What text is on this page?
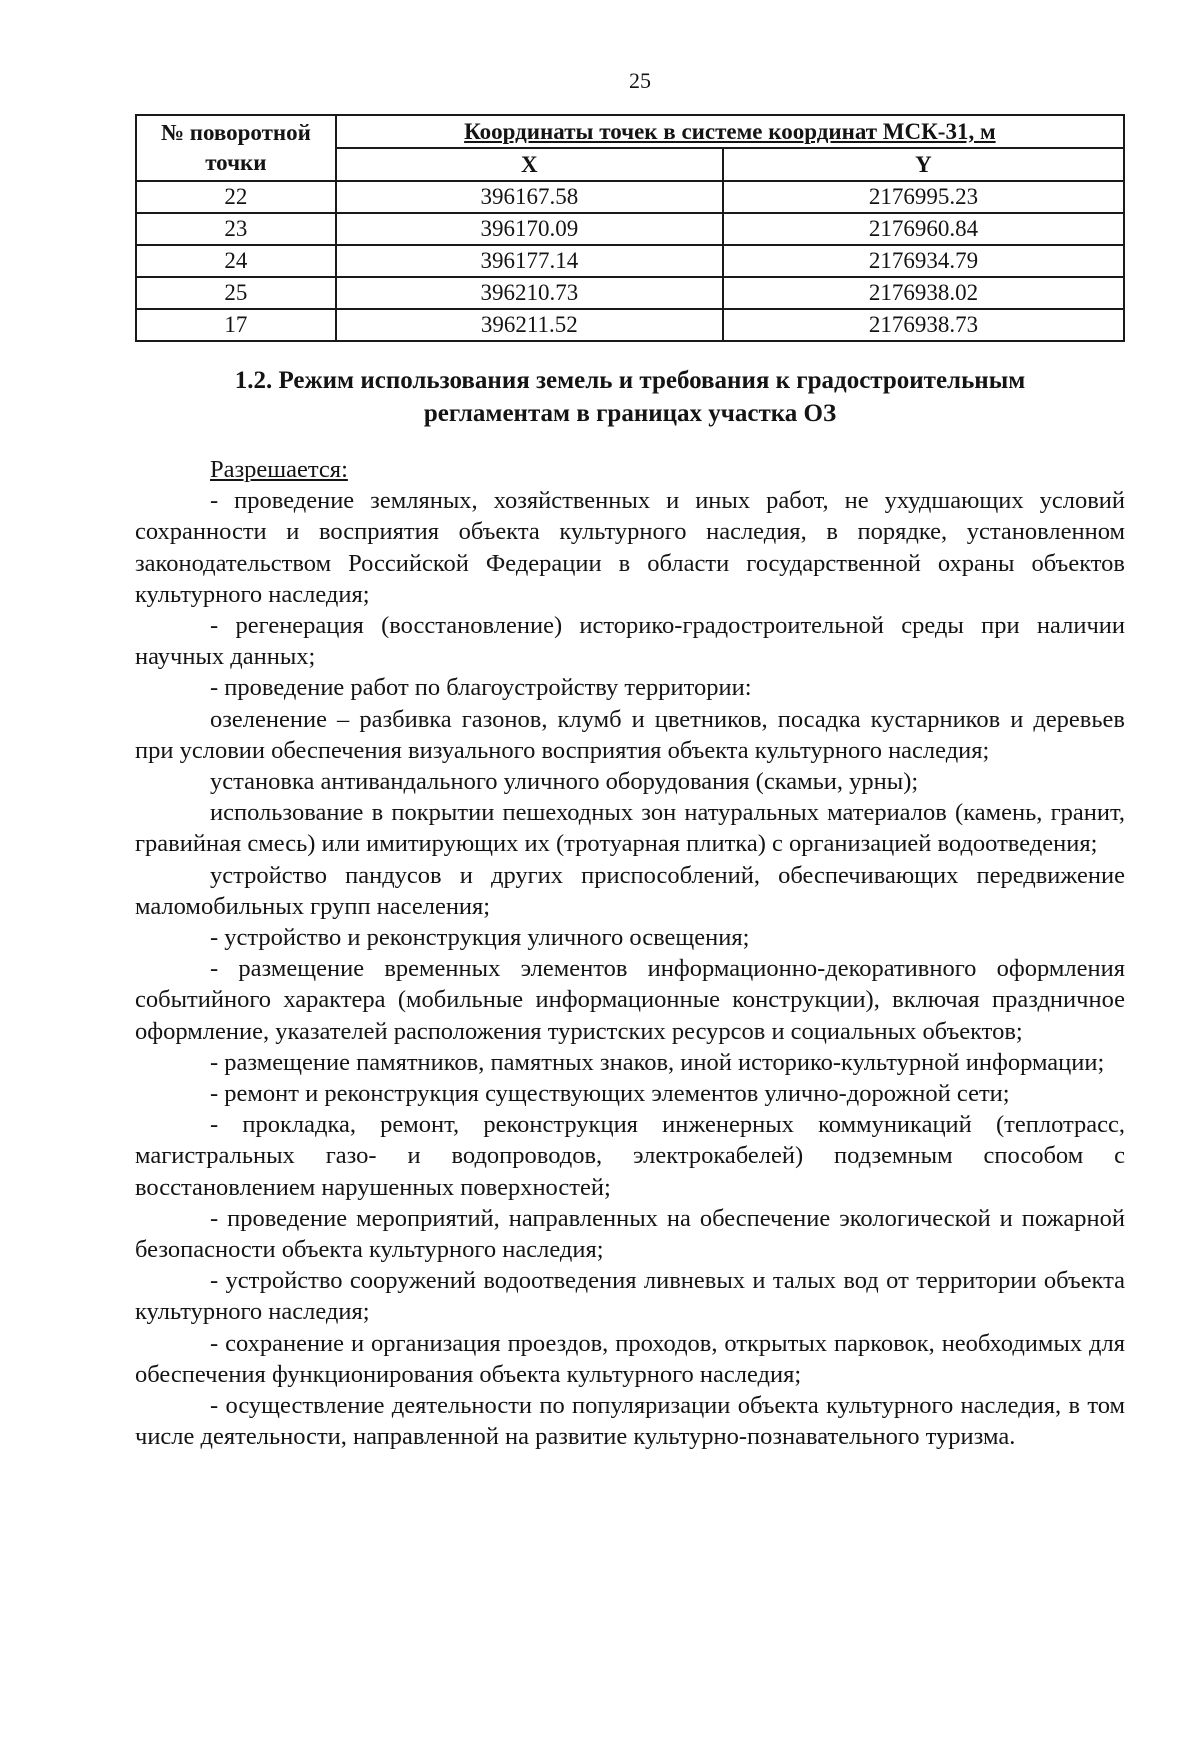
25
№ поворотной точки	Координаты точек в системе координат МСК-31, м	
	X	Y
22	396167.58	2176995.23
23	396170.09	2176960.84
24	396177.14	2176934.79
25	396210.73	2176938.02
17	396211.52	2176938.73
1.2. Режим использования земель и требования к градостроительным
регламентам в границах участка ОЗ
Разрешается:

- проведение земляных, хозяйственных и иных работ, не ухудшающих условий сохранности и восприятия объекта культурного наследия, в порядке, установленном законодательством Российской Федерации в области государственной охраны объектов культурного наследия;

- регенерация (восстановление) историко-градостроительной среды при наличии научных данных;

- проведение работ по благоустройству территории:

озеленение – разбивка газонов, клумб и цветников, посадка кустарников и деревьев при условии обеспечения визуального восприятия объекта культурного наследия;

установка антивандального уличного оборудования (скамьи, урны);

использование в покрытии пешеходных зон натуральных материалов (камень, гранит, гравийная смесь) или имитирующих их (тротуарная плитка) с организацией водоотведения;

устройство пандусов и других приспособлений, обеспечивающих передвижение маломобильных групп населения;

- устройство и реконструкция уличного освещения;

- размещение временных элементов информационно-декоративного оформления событийного характера (мобильные информационные конструкции), включая праздничное оформление, указателей расположения туристских ресурсов и социальных объектов;

- размещение памятников, памятных знаков, иной историко-культурной информации;

- ремонт и реконструкция существующих элементов улично-дорожной сети;

- прокладка, ремонт, реконструкция инженерных коммуникаций (теплотрасс, магистральных газо- и водопроводов, электрокабелей) подземным способом с восстановлением нарушенных поверхностей;

- проведение мероприятий, направленных на обеспечение экологической и пожарной безопасности объекта культурного наследия;

- устройство сооружений водоотведения ливневых и талых вод от территории объекта культурного наследия;

- сохранение и организация проездов, проходов, открытых парковок, необходимых для обеспечения функционирования объекта культурного наследия;

- осуществление деятельности по популяризации объекта культурного наследия, в том числе деятельности, направленной на развитие культурно-познавательного туризма.
